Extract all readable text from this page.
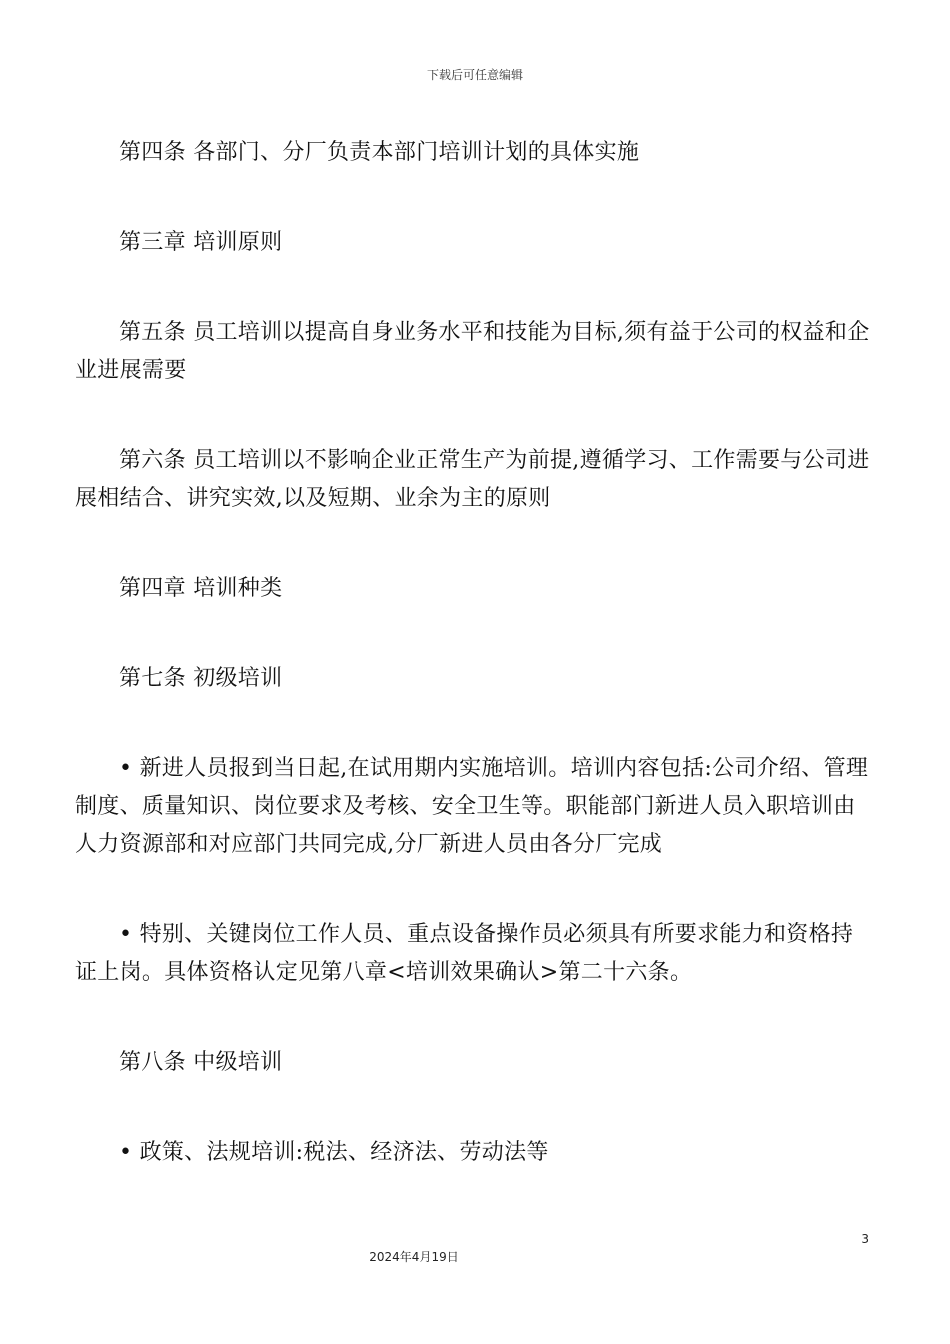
下载后可任意编辑

第四条 各部门、分厂负责本部门培训计划的具体实施

第三章 培训原则

第五条 员工培训以提高自身业务水平和技能为目标,须有益于公司的权益和企业进展需要

第六条 员工培训以不影响企业正常生产为前提,遵循学习、工作需要与公司进展相结合、讲究实效,以及短期、业余为主的原则

第四章 培训种类

第七条 初级培训

• 新进人员报到当日起,在试用期内实施培训。培训内容包括:公司介绍、管理制度、质量知识、岗位要求及考核、安全卫生等。职能部门新进人员入职培训由人力资源部和对应部门共同完成,分厂新进人员由各分厂完成

• 特别、关键岗位工作人员、重点设备操作员必须具有所要求能力和资格持证上岗。具体资格认定见第八章<培训效果确认>第二十六条。

第八条 中级培训

• 政策、法规培训:税法、经济法、劳动法等

3
2024年4月19日
